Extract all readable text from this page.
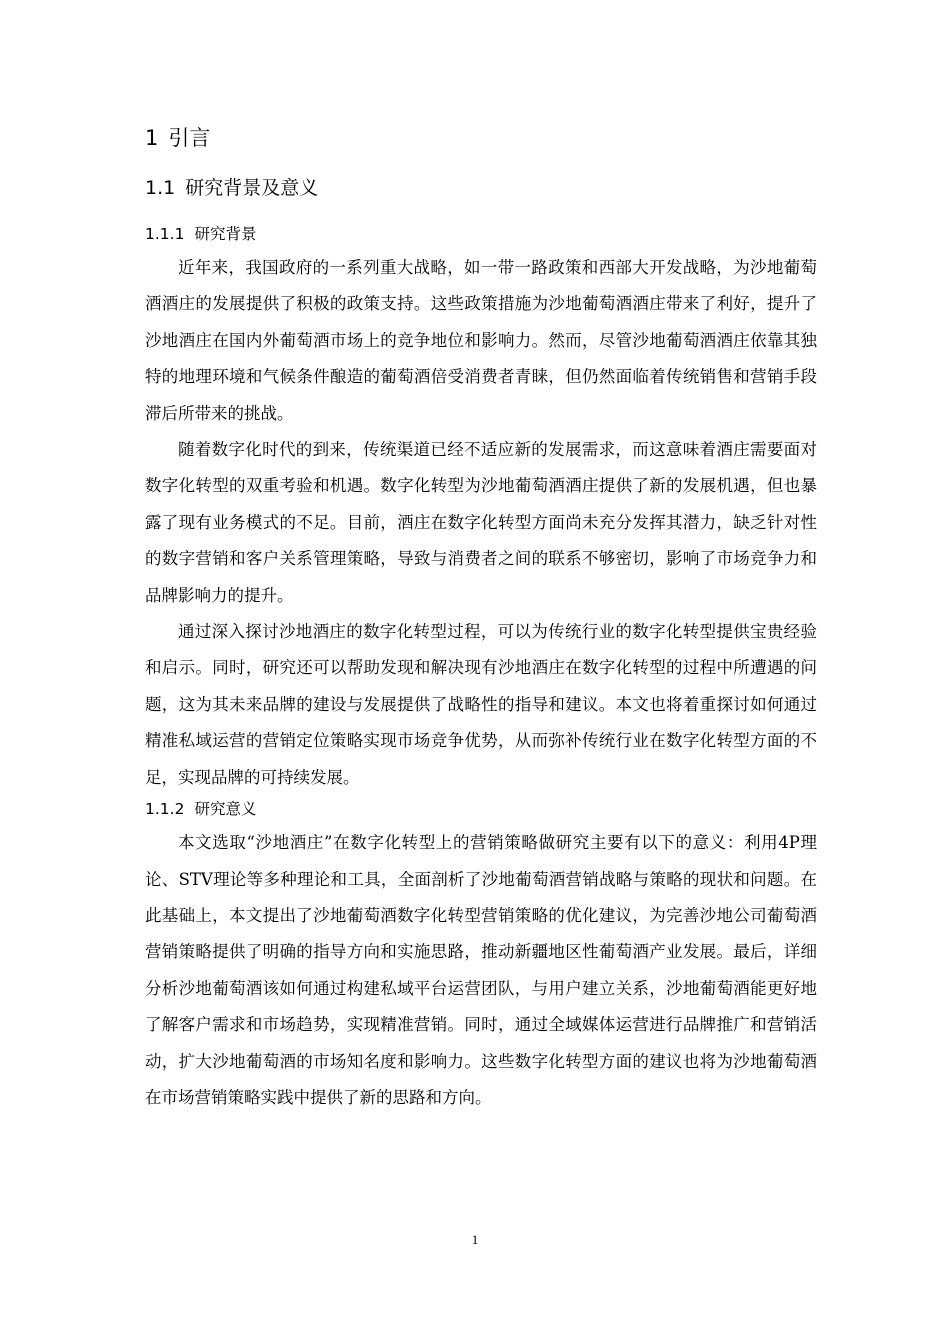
1 引言
1.1 研究背景及意义
1.1.1 研究背景

近年来，我国政府的一系列重大战略，如一带一路政策和西部大开发战略，为沙地葡萄酒酒庄的发展提供了积极的政策支持。这些政策措施为沙地葡萄酒酒庄带来了利好，提升了沙地酒庄在国内外葡萄酒市场上的竞争地位和影响力。然而，尽管沙地葡萄酒酒庄依靠其独特的地理环境和气候条件酿造的葡萄酒倍受消费者青睐，但仍然面临着传统销售和营销手段滞后所带来的挑战。

随着数字化时代的到来，传统渠道已经不适应新的发展需求，而这意味着酒庄需要面对数字化转型的双重考验和机遇。数字化转型为沙地葡萄酒酒庄提供了新的发展机遇，但也暴露了现有业务模式的不足。目前，酒庄在数字化转型方面尚未充分发挥其潜力，缺乏针对性的数字营销和客户关系管理策略，导致与消费者之间的联系不够密切，影响了市场竞争力和品牌影响力的提升。

通过深入探讨沙地酒庄的数字化转型过程，可以为传统行业的数字化转型提供宝贵经验和启示。同时，研究还可以帮助发现和解决现有沙地酒庄在数字化转型的过程中所遭遇的问题，这为其未来品牌的建设与发展提供了战略性的指导和建议。本文也将着重探讨如何通过精准私域运营的营销定位策略实现市场竞争优势，从而弥补传统行业在数字化转型方面的不足，实现品牌的可持续发展。

1.1.2 研究意义

本文选取“沙地酒庄”在数字化转型上的营销策略做研究主要有以下的意义：利用4P理论、STV理论等多种理论和工具，全面剖析了沙地葡萄酒营销战略与策略的现状和问题。在此基础上，本文提出了沙地葡萄酒数字化转型营销策略的优化建议，为完善沙地公司葡萄酒营销策略提供了明确的指导方向和实施思路，推动新疆地区性葡萄酒产业发展。最后，详细分析沙地葡萄酒该如何通过构建私域平台运营团队，与用户建立关系，沙地葡萄酒能更好地了解客户需求和市场趋势，实现精准营销。同时，通过全域媒体运营进行品牌推广和营销活动，扩大沙地葡萄酒的市场知名度和影响力。这些数字化转型方面的建议也将为沙地葡萄酒在市场营销策略实践中提供了新的思路和方向。

1
